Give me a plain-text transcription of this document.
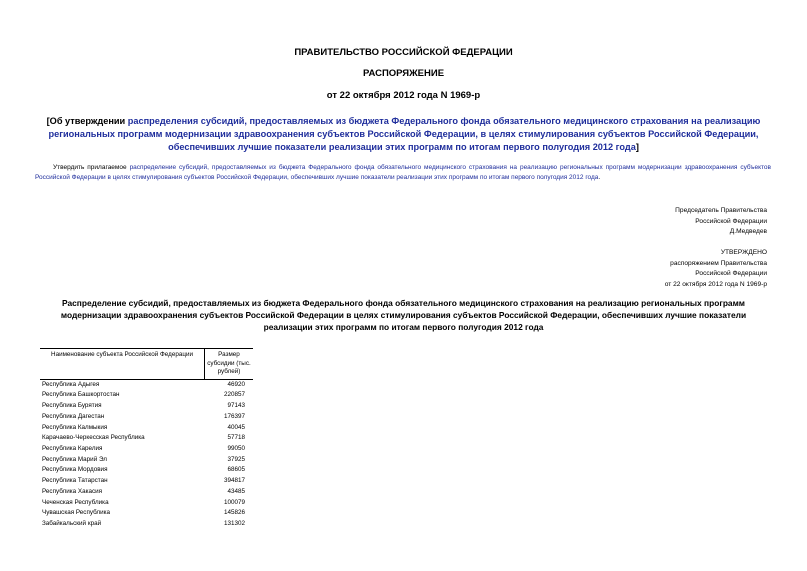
ПРАВИТЕЛЬСТВО РОССИЙСКОЙ ФЕДЕРАЦИИ
РАСПОРЯЖЕНИЕ
от 22 октября 2012 года N 1969-р
[Об утверждении распределения субсидий, предоставляемых из бюджета Федерального фонда обязательного медицинского страхования на реализацию региональных программ модернизации здравоохранения субъектов Российской Федерации, в целях стимулирования субъектов Российской Федерации, обеспечивших лучшие показатели реализации этих программ по итогам первого полугодия 2012 года]
Утвердить прилагаемое распределение субсидий, предоставляемых из бюджета Федерального фонда обязательного медицинского страхования на реализацию региональных программ модернизации здравоохранения субъектов Российской Федерации в целях стимулирования субъектов Российской Федерации, обеспечивших лучшие показатели реализации этих программ по итогам первого полугодия 2012 года.
Председатель Правительства
Российской Федерации
Д.Медведев
УТВЕРЖДЕНО
распоряжением Правительства
Российской Федерации
от 22 октября 2012 года N 1969-р
Распределение субсидий, предоставляемых из бюджета Федерального фонда обязательного медицинского страхования на реализацию региональных программ модернизации здравоохранения субъектов Российской Федерации в целях стимулирования субъектов Российской Федерации, обеспечивших лучшие показатели реализации этих программ по итогам первого полугодия 2012 года
Наименование субъекта Российской Федерации	Размер субсидии (тыс. рублей)
Республика Адыгея	46920
Республика Башкортостан	220857
Республика Бурятия	97143
Республика Дагестан	176397
Республика Калмыкия	40045
Карачаево-Черкесская Республика	57718
Республика Карелия	99050
Республика Марий Эл	37925
Республика Мордовия	68605
Республика Татарстан	394817
Республика Хакасия	43485
Чеченская Республика	100079
Чувашская Республика	145826
Забайкальский край	131302
